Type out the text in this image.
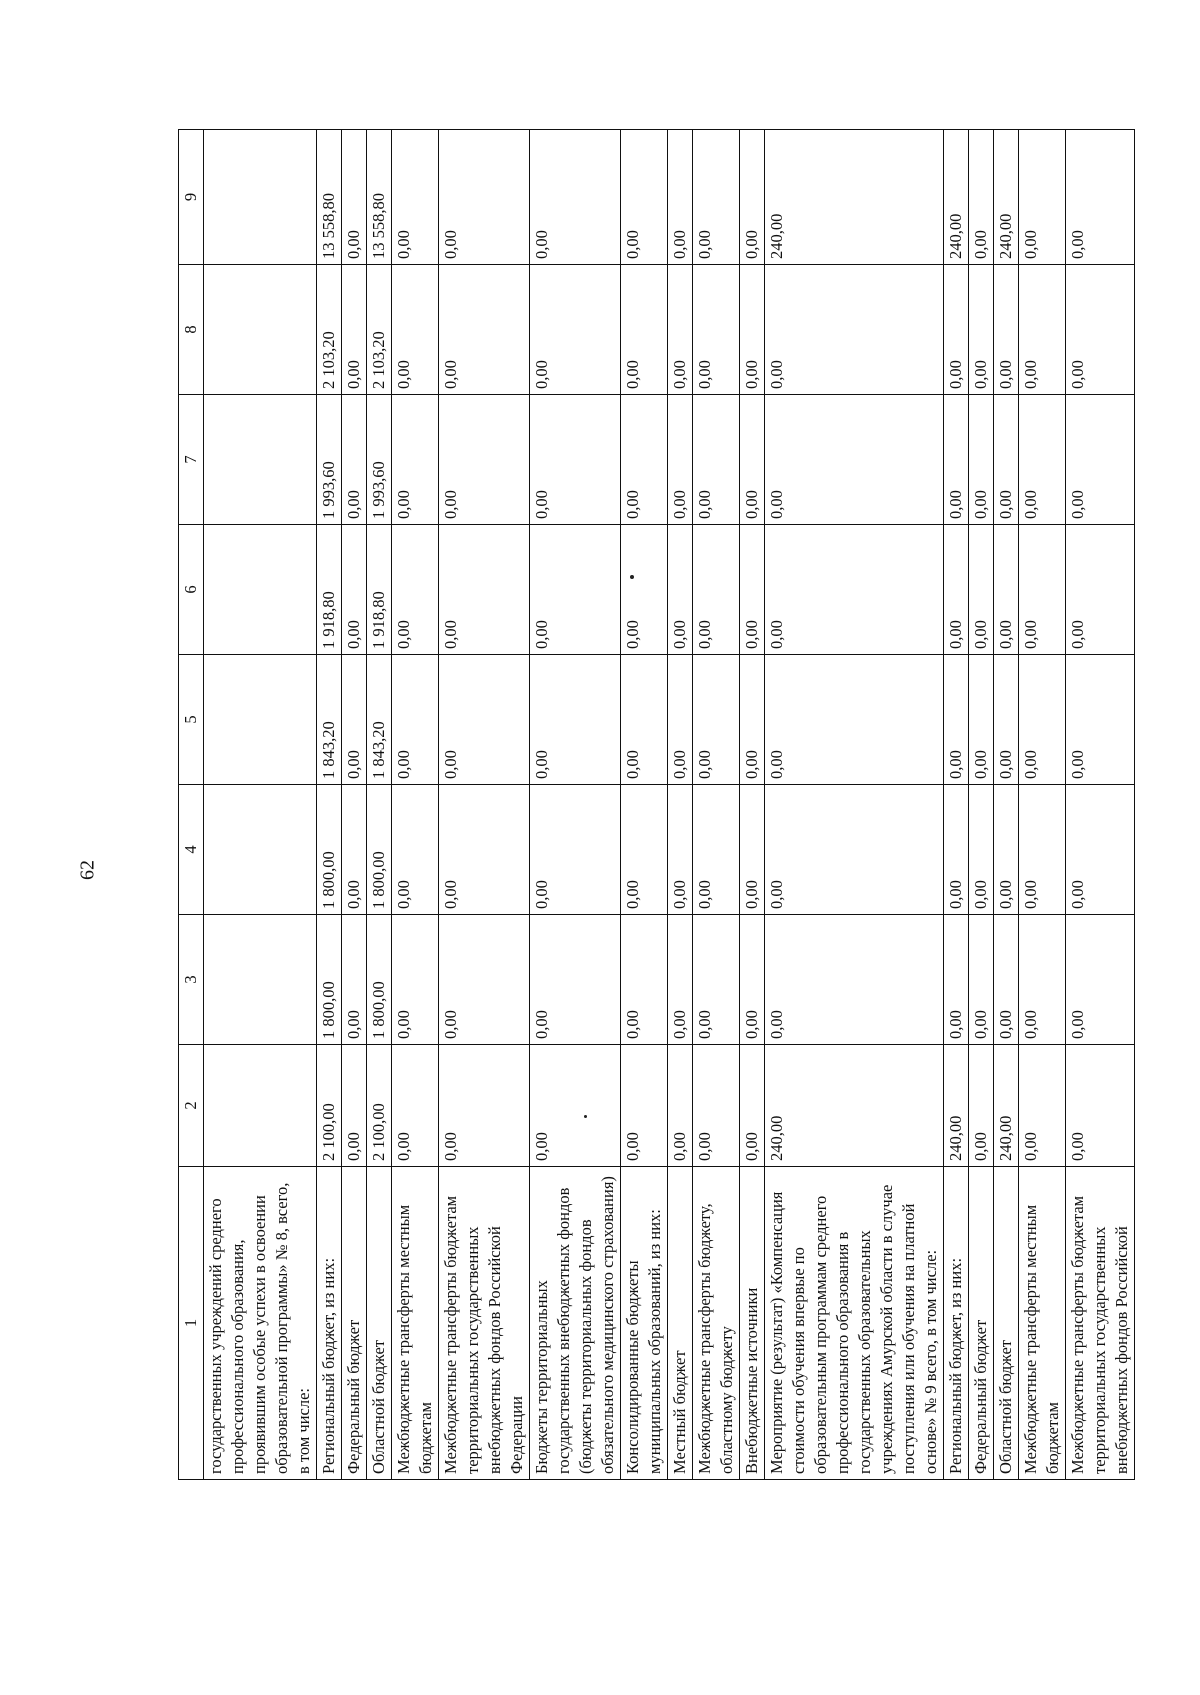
62
1	2	3	4	5	6	7	8	9
государственных учреждений среднего профессионального образования, проявившим особые успехи в освоении образовательной программы» № 8, всего, в том числе:								
Региональный бюджет, из них:	2 100,00	1 800,00	1 800,00	1 843,20	1 918,80	1 993,60	2 103,20	13 558,80
Федеральный бюджет	0,00	0,00	0,00	0,00	0,00	0,00	0,00	0,00
Областной бюджет	2 100,00	1 800,00	1 800,00	1 843,20	1 918,80	1 993,60	2 103,20	13 558,80
Межбюджетные трансферты местным бюджетам	0,00	0,00	0,00	0,00	0,00	0,00	0,00	0,00
Межбюджетные трансферты бюджетам территориальных государственных внебюджетных фондов Российской Федерации	0,00	0,00	0,00	0,00	0,00	0,00	0,00	0,00
Бюджеты территориальных государственных внебюджетных фондов (бюджеты территориальных фондов обязательного медицинского страхования)	0,00	0,00	0,00	0,00	0,00	0,00	0,00	0,00
Консолидированные бюджеты муниципальных образований, из них:	0,00	0,00	0,00	0,00	0,00	0,00	0,00	0,00
Местный бюджет	0,00	0,00	0,00	0,00	0,00	0,00	0,00	0,00
Межбюджетные трансферты бюджету, областному бюджету	0,00	0,00	0,00	0,00	0,00	0,00	0,00	0,00
Внебюджетные источники	0,00	0,00	0,00	0,00	0,00	0,00	0,00	0,00
Мероприятие (результат) «Компенсация стоимости обучения впервые по образовательным программам среднего профессионального образования в государственных образовательных учреждениях Амурской области в случае поступления или обучения на платной основе» № 9 всего, в том числе:	240,00	0,00	0,00	0,00	0,00	0,00	0,00	240,00
Региональный бюджет, из них:	240,00	0,00	0,00	0,00	0,00	0,00	0,00	240,00
Федеральный бюджет	0,00	0,00	0,00	0,00	0,00	0,00	0,00	0,00
Областной бюджет	240,00	0,00	0,00	0,00	0,00	0,00	0,00	240,00
Межбюджетные трансферты местным бюджетам	0,00	0,00	0,00	0,00	0,00	0,00	0,00	0,00
Межбюджетные трансферты бюджетам территориальных государственных внебюджетных фондов Российской	0,00	0,00	0,00	0,00	0,00	0,00	0,00	0,00
